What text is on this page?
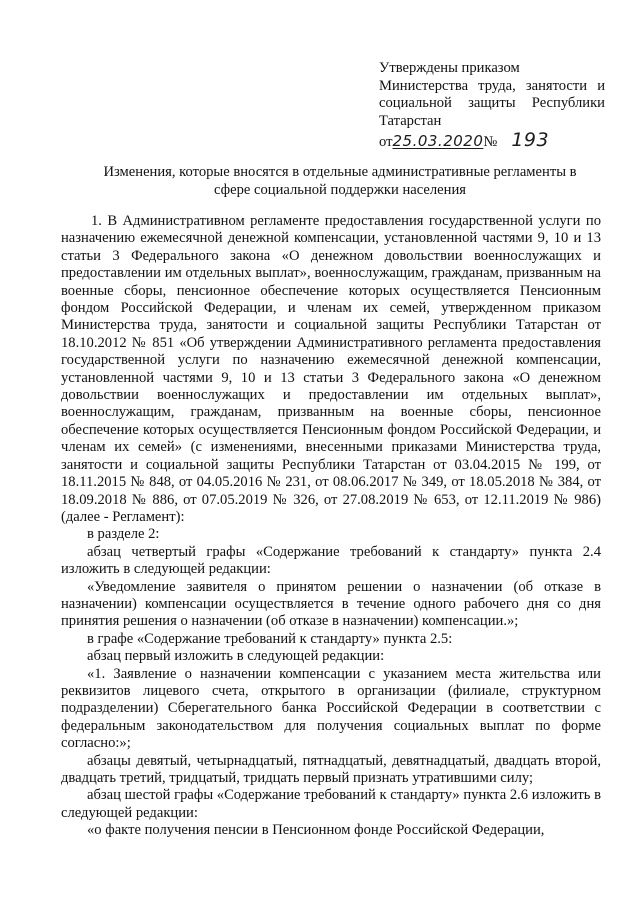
Утверждены приказом
Министерства труда, занятости и
социальной защиты Республики
Татарстан
от25.03.2020№ 193
Изменения, которые вносятся в отдельные административные регламенты в
сфере социальной поддержки населения

1. В Административном регламенте предоставления государственной услуги по назначению ежемесячной денежной компенсации, установленной частями 9, 10 и 13 статьи 3 Федерального закона «О денежном довольствии военнослужащих и предоставлении им отдельных выплат», военнослужащим, гражданам, призванным на военные сборы, пенсионное обеспечение которых осуществляется Пенсионным фондом Российской Федерации, и членам их семей, утвержденном приказом Министерства труда, занятости и социальной защиты Республики Татарстан от 18.10.2012 № 851 «Об утверждении Административного регламента предоставления государственной услуги по назначению ежемесячной денежной компенсации, установленной частями 9, 10 и 13 статьи 3 Федерального закона «О денежном довольствии военнослужащих и предоставлении им отдельных выплат», военнослужащим, гражданам, призванным на военные сборы, пенсионное обеспечение которых осуществляется Пенсионным фондом Российской Федерации, и членам их семей» (с изменениями, внесенными приказами Министерства труда, занятости и социальной защиты Республики Татарстан от 03.04.2015 № 199, от 18.11.2015 № 848, от 04.05.2016 № 231, от 08.06.2017 № 349, от 18.05.2018 № 384, от 18.09.2018 № 886, от 07.05.2019 № 326, от 27.08.2019 № 653, от 12.11.2019 № 986) (далее - Регламент):

в разделе 2:

абзац четвертый графы «Содержание требований к стандарту» пункта 2.4 изложить в следующей редакции:

«Уведомление заявителя о принятом решении о назначении (об отказе в назначении) компенсации осуществляется в течение одного рабочего дня со дня принятия решения о назначении (об отказе в назначении) компенсации.»;

в графе «Содержание требований к стандарту» пункта 2.5:

абзац первый изложить в следующей редакции:

«1. Заявление о назначении компенсации с указанием места жительства или реквизитов лицевого счета, открытого в организации (филиале, структурном подразделении) Сберегательного банка Российской Федерации в соответствии с федеральным законодательством для получения социальных выплат по форме согласно:»;

абзацы девятый, четырнадцатый, пятнадцатый, девятнадцатый, двадцать второй, двадцать третий, тридцатый, тридцать первый признать утратившими силу;

абзац шестой графы «Содержание требований к стандарту» пункта 2.6 изложить в следующей редакции:

«о факте получения пенсии в Пенсионном фонде Российской Федерации,
